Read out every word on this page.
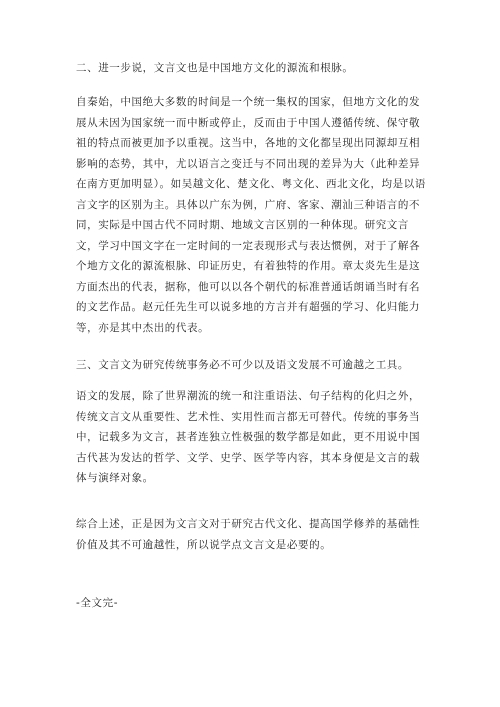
二、进一步说，文言文也是中国地方文化的源流和根脉。

自秦始，中国绝大多数的时间是一个统一集权的国家，但地方文化的发展从未因为国家统一而中断或停止，反而由于中国人遵循传统、保守敬祖的特点而被更加予以重视。这当中，各地的文化都呈现出同源却互相影响的态势，其中，尤以语言之变迁与不同出现的差异为大（此种差异在南方更加明显）。如吴越文化、楚文化、粤文化、西北文化，均是以语言文字的区别为主。具体以广东为例，广府、客家、潮汕三种语言的不同，实际是中国古代不同时期、地域文言区别的一种体现。研究文言文，学习中国文字在一定时间的一定表现形式与表达惯例，对于了解各个地方文化的源流根脉、印证历史，有着独特的作用。章太炎先生是这方面杰出的代表，据称，他可以以各个朝代的标准普通话朗诵当时有名的文艺作品。赵元任先生可以说多地的方言并有超强的学习、化归能力等，亦是其中杰出的代表。

三、文言文为研究传统事务必不可少以及语文发展不可逾越之工具。

语文的发展，除了世界潮流的统一和注重语法、句子结构的化归之外，传统文言文从重要性、艺术性、实用性而言都无可替代。传统的事务当中，记载多为文言，甚者连独立性极强的数学都是如此，更不用说中国古代甚为发达的哲学、文学、史学、医学等内容，其本身便是文言的载体与演绎对象。

综合上述，正是因为文言文对于研究古代文化、提高国学修养的基础性价值及其不可逾越性，所以说学点文言文是必要的。

-全文完-
